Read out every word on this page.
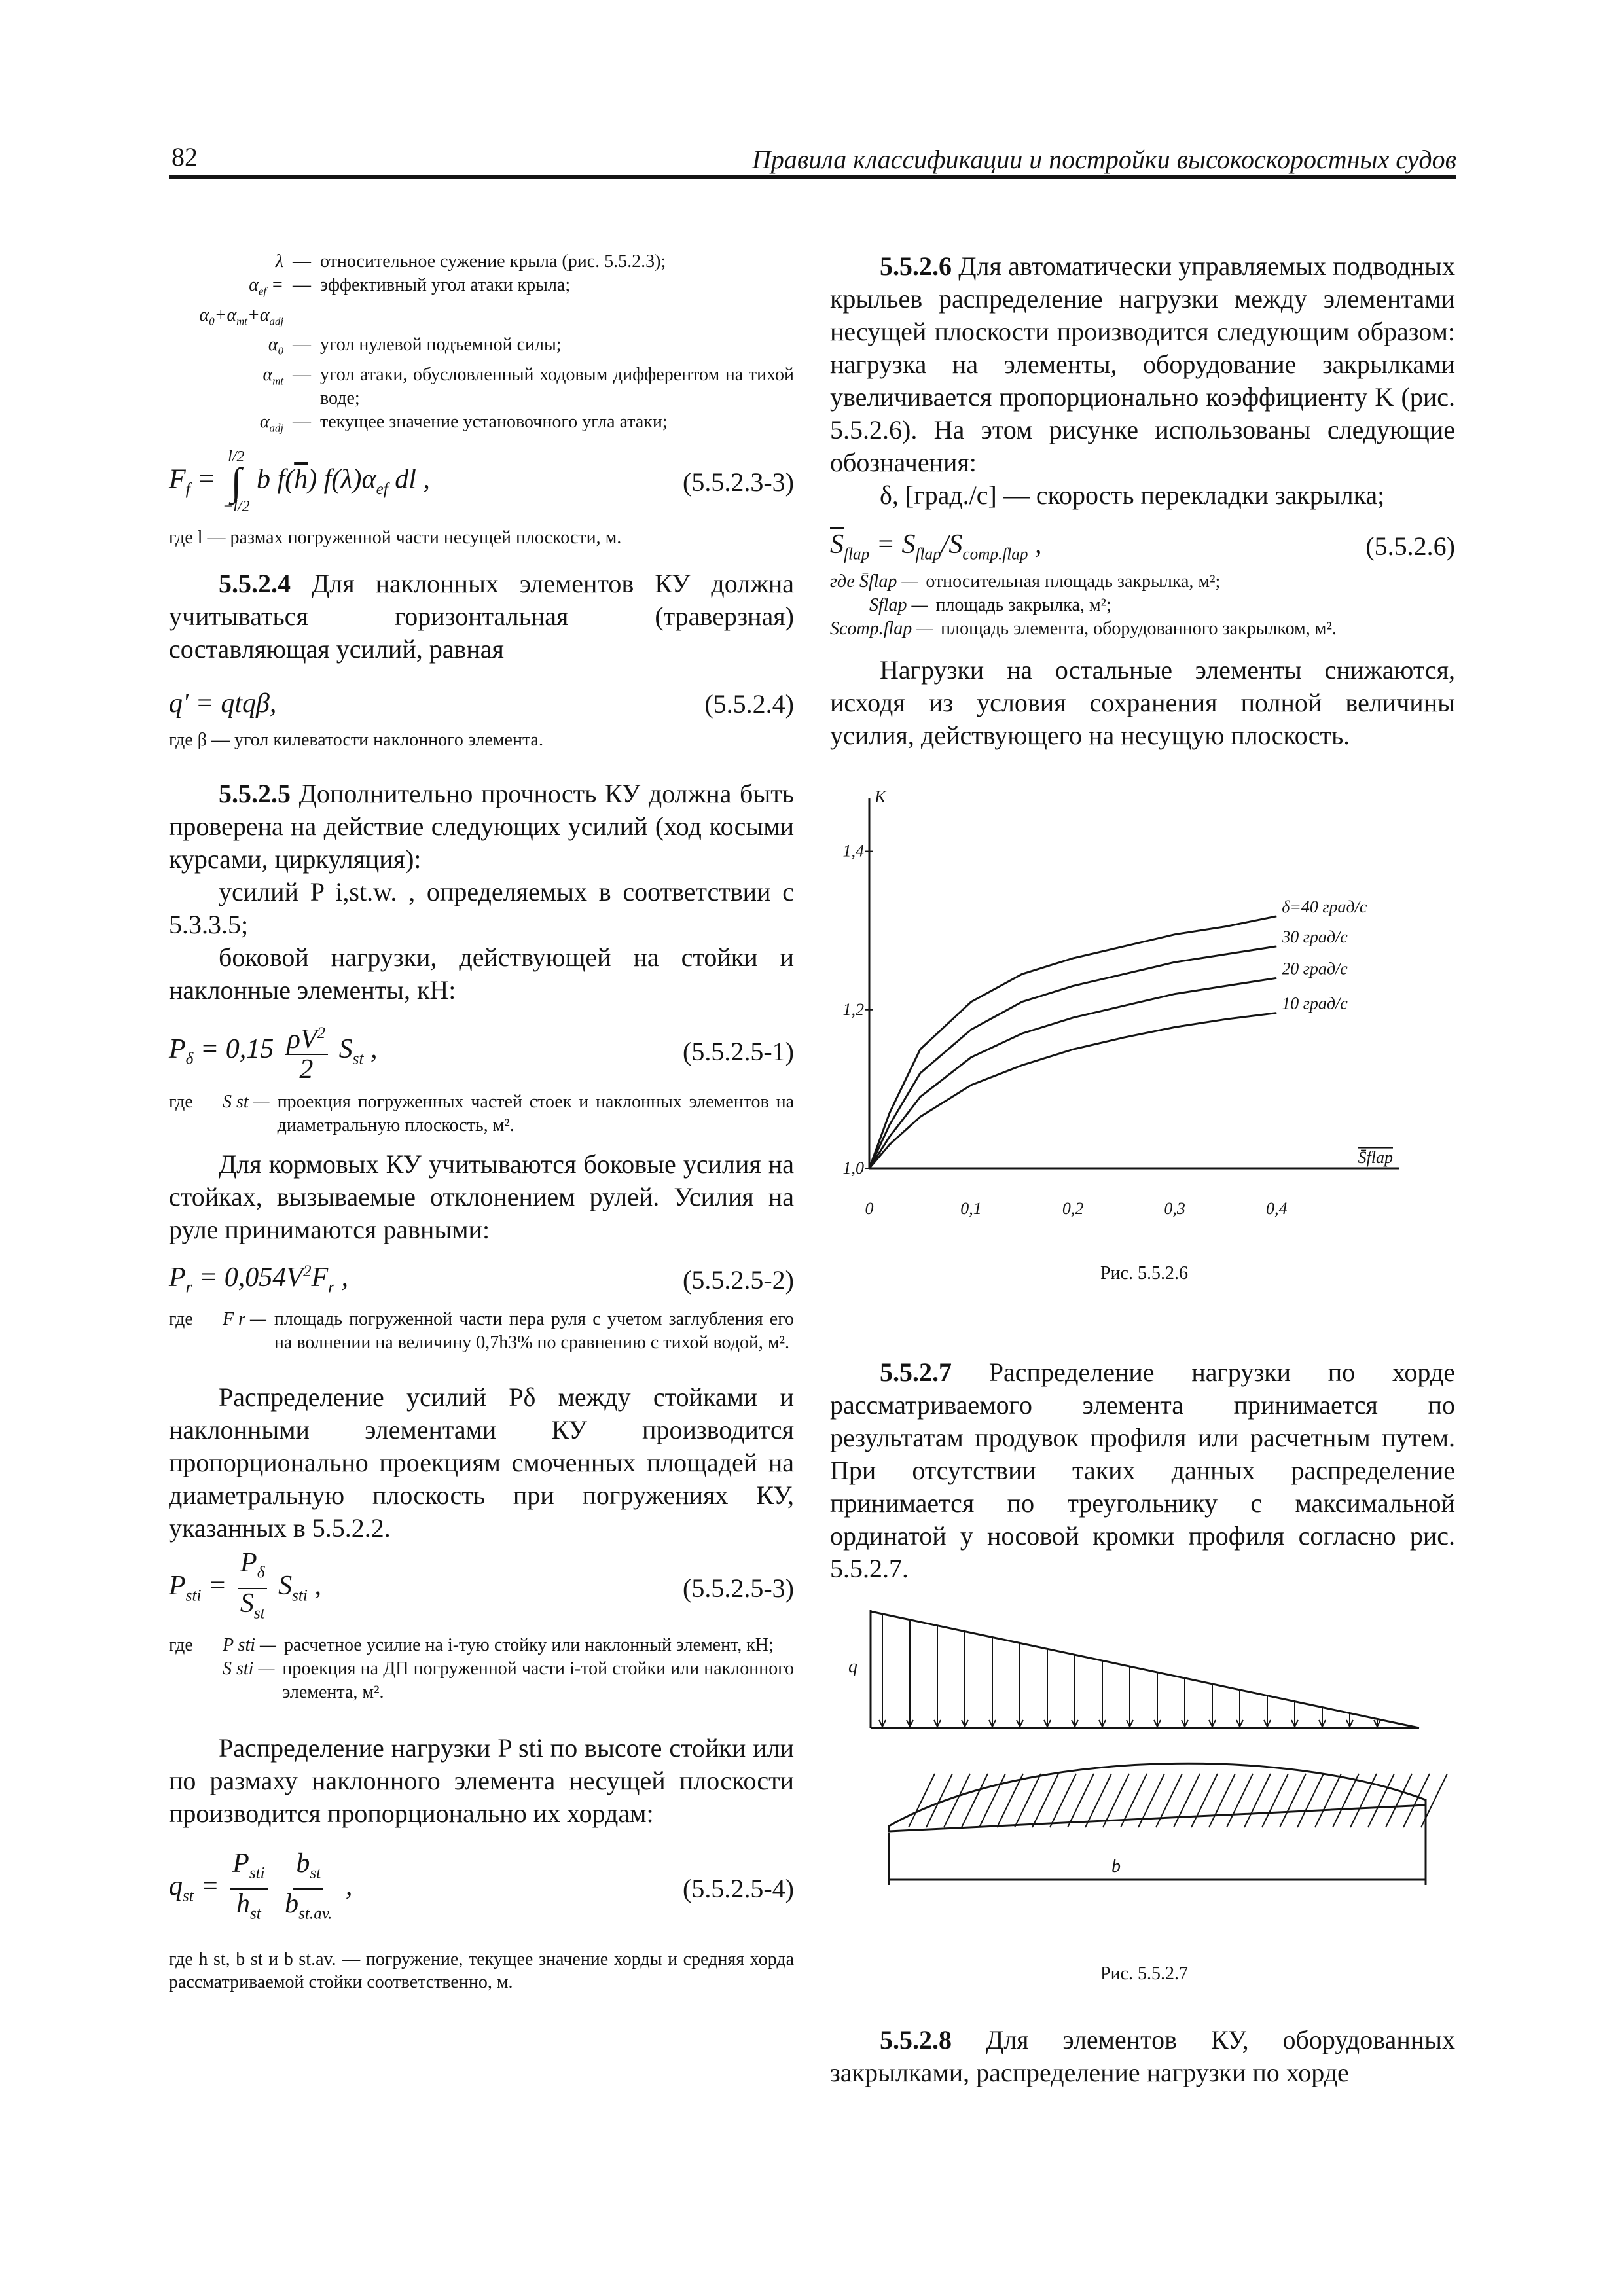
82	Правила классификации и постройки высокоскоростных судов
λ — относительное сужение крыла (рис. 5.5.2.3);
$\alpha_{ef} = \alpha_0+\alpha_{mt}+\alpha_{adj}$
— эффективный угол атаки крыла;
$\alpha_0$ — угол нулевой подъемной силы;
$\alpha_{mt}$ — угол атаки, обусловленный ходовым дифферентом на тихой воде;
$\alpha_{adj}$ — текущее значение установочного угла атаки;
$F_f$ =
l/2
∫
−l/2
b $f(\overline{h})$ $f(\lambda)\alpha_{ef}$ dl ,	(5.5.2.3-3)

где l — размах погруженной части несущей плоскости, м.

5.5.2.4 Для наклонных элементов КУ должна учитываться горизонтальная (траверзная) составляющая усилий, равная

q' = qtqβ,	(5.5.2.4)

где β — угол килеватости наклонного элемента.

5.5.2.5 Дополнительно прочность КУ должна быть проверена на действие следующих усилий (ход косыми курсами, циркуляция):

усилий P i,st.w. , определяемых в соответствии с 5.3.3.5;

боковой нагрузки, действующей на стойки и наклонные элементы, кН:

$P_\delta = 0,15 \frac{\rho V^2}{2} S_{st}$ ,	(5.5.2.5-1)
где	S st — проекция погруженных частей стоек и наклонных элементов на диаметральную плоскость, м².

Для кормовых КУ учитываются боковые усилия на стойках, вызываемые отклонением рулей. Усилия на руле принимаются равными:

$P_r = 0,054V^2F_r$ ,	(5.5.2.5-2)
где	F r — площадь погруженной части пера руля с учетом заглубления его на волнении на величину 0,7h3% по сравнению с тихой водой, м².

Распределение усилий Pδ между стойками и наклонными элементами КУ производится пропорционально проекциям смоченных площадей на диаметральную плоскость при погружениях КУ, указанных в 5.5.2.2.

$P_{sti} = \frac{P_\delta}{S_{st}} S_{sti}$ ,	(5.5.2.5-3)
где	P sti — расчетное усилие на i-тую стойку или наклонный элемент, кН;
S sti — проекция на ДП погруженной части i-той стойки или наклонного элемента, м².

Распределение нагрузки P sti по высоте стойки или по размаху наклонного элемента несущей плоскости производится пропорционально их хордам:

$q_{st} = \frac{P_{sti}}{h_{st}}$
$\frac{b_{st}}{b_{st.av.}}$ ,	(5.5.2.5-4)

где h st, b st и b st.av. — погружение, текущее значение хорды и средняя хорда рассматриваемой стойки соответственно, м.

5.5.2.6 Для автоматически управляемых подводных крыльев распределение нагрузки между элементами несущей плоскости производится следующим образом: нагрузка на элементы, оборудование закрылками увеличивается пропорционально коэффициенту K (рис. 5.5.2.6). На этом рисунке использованы следующие обозначения:

δ, [град./с] — скорость перекладки закрылка;

$\overline{S}_{flap} = S_{flap}/S_{comp.flap}$ ,	(5.5.2.6)
где S̄flap — относительная площадь закрылка, м²;
Sflap — площадь закрылка, м²;
Scomp.flap — площадь элемента, оборудованного закрылком, м².

Нагрузки на остальные элементы снижаются, исходя из условия сохранения полной величины усилия, действующего на несущую плоскость.

K
S̄flap
1,0
1,2
1,4
0	0,1	0,2	0,3	0,4
δ=40 град/с
30 град/с
20 град/с
10 град/с
Рис. 5.5.2.6

5.5.2.7 Распределение нагрузки по хорде рассматриваемого элемента принимается по результатам продувок профиля или расчетным путем. При отсутствии таких данных распределение принимается по треугольнику с максимальной ординатой у носовой кромки профиля согласно рис. 5.5.2.7.

q
b
Рис. 5.5.2.7

5.5.2.8 Для элементов КУ, оборудованных закрылками, распределение нагрузки по хорде
